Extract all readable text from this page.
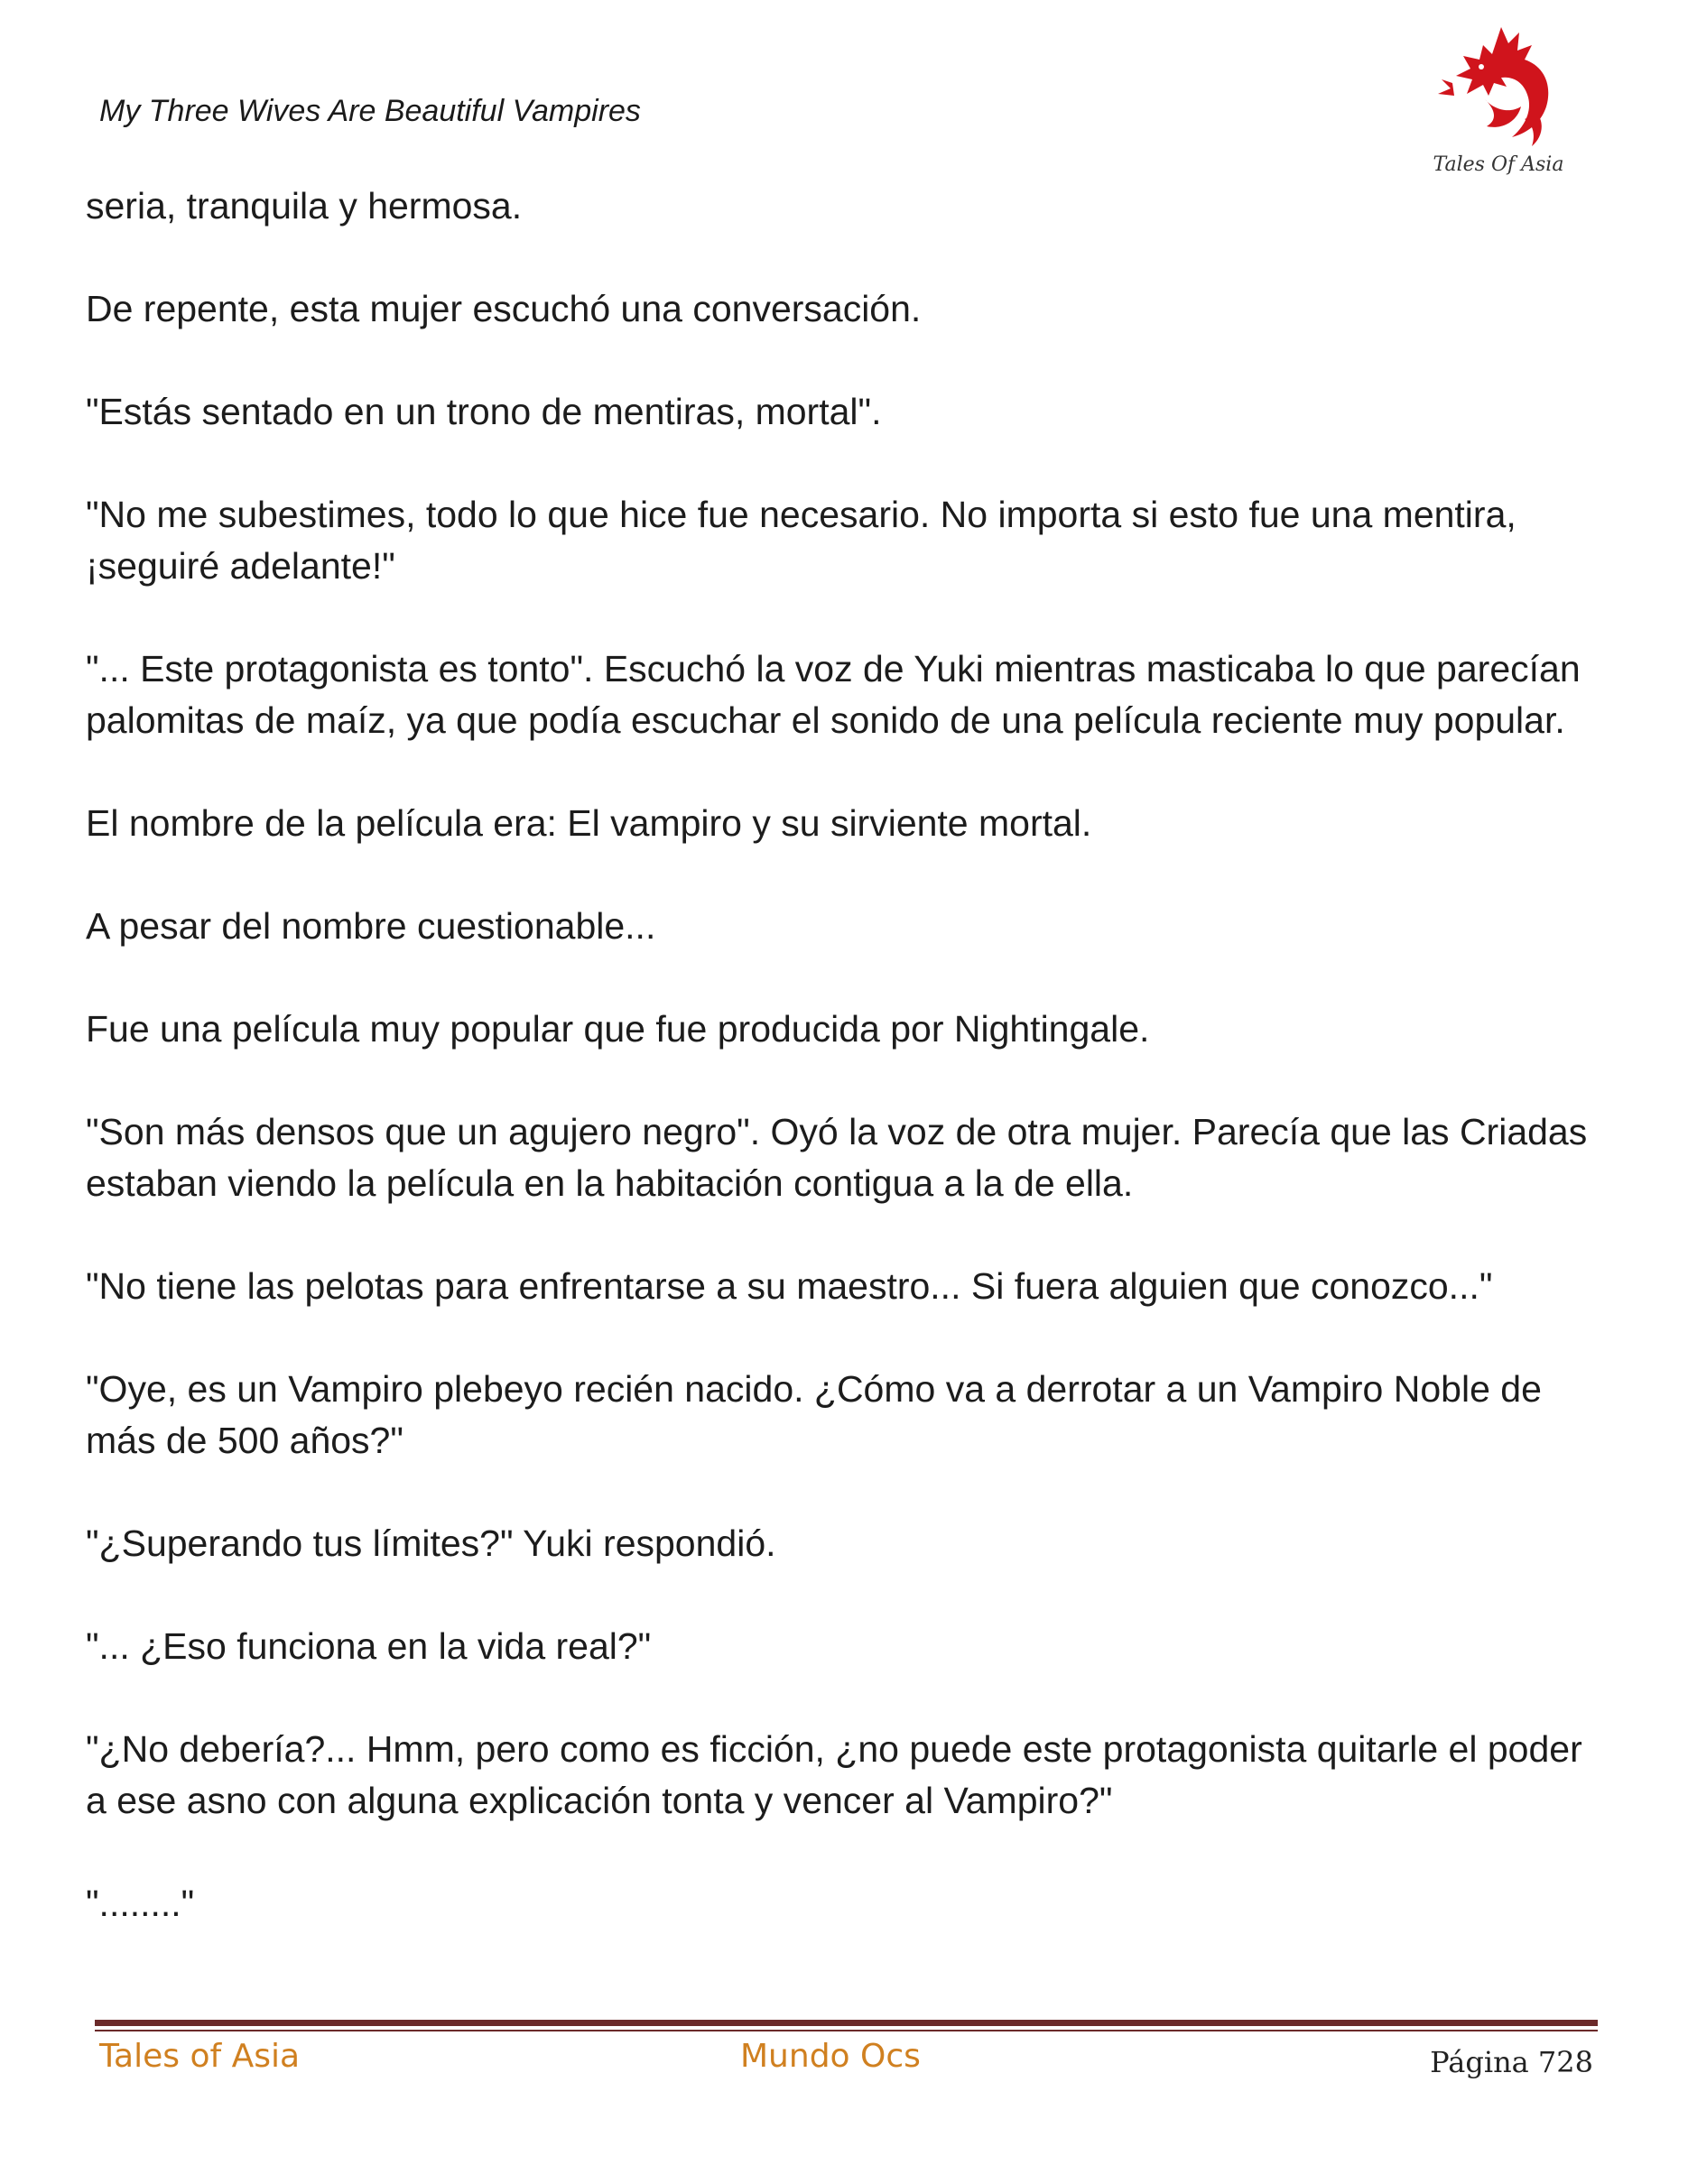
My Three Wives Are Beautiful Vampires
Tales Of Asia

seria, tranquila y hermosa.

De repente, esta mujer escuchó una conversación.

"Estás sentado en un trono de mentiras, mortal".

"No me subestimes, todo lo que hice fue necesario. No importa si esto fue una mentira, ¡seguiré adelante!"

"... Este protagonista es tonto". Escuchó la voz de Yuki mientras masticaba lo que parecían palomitas de maíz, ya que podía escuchar el sonido de una película reciente muy popular.

El nombre de la película era: El vampiro y su sirviente mortal.

A pesar del nombre cuestionable...

Fue una película muy popular que fue producida por Nightingale.

"Son más densos que un agujero negro". Oyó la voz de otra mujer. Parecía que las Criadas estaban viendo la película en la habitación contigua a la de ella.

"No tiene las pelotas para enfrentarse a su maestro... Si fuera alguien que conozco..."

"Oye, es un Vampiro plebeyo recién nacido. ¿Cómo va a derrotar a un Vampiro Noble de más de 500 años?"

"¿Superando tus límites?" Yuki respondió.

"... ¿Eso funciona en la vida real?"

"¿No debería?... Hmm, pero como es ficción, ¿no puede este protagonista quitarle el poder a ese asno con alguna explicación tonta y vencer al Vampiro?"

"........"

Tales of Asia	Mundo Ocs	Página 728
